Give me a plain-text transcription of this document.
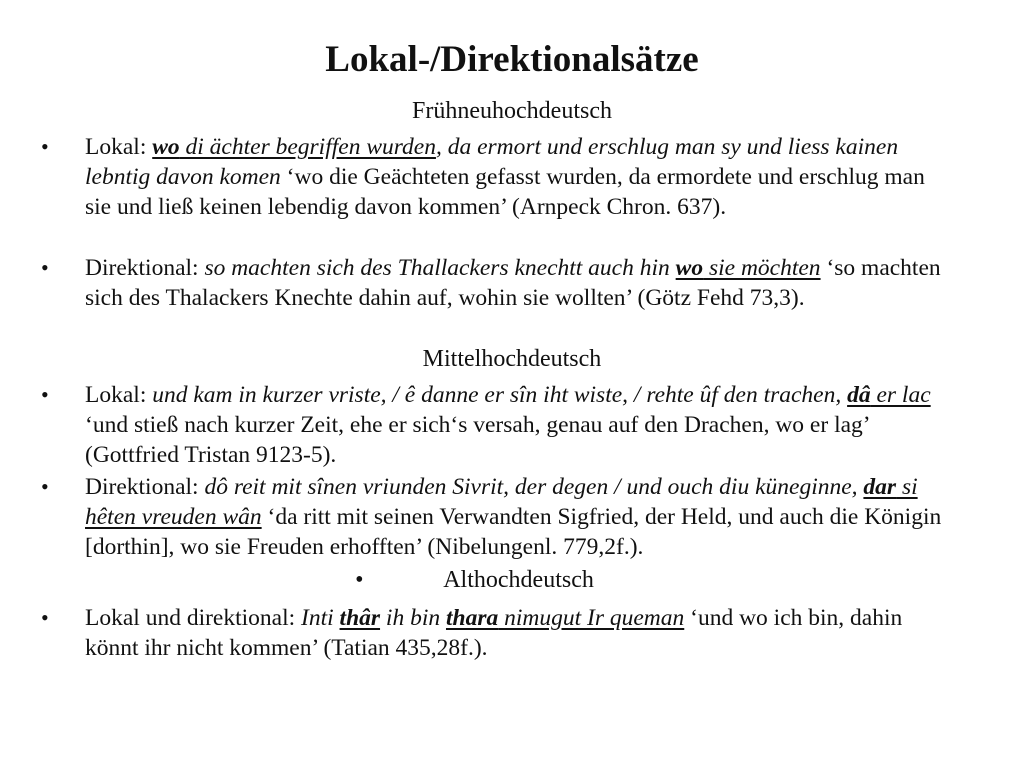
Lokal-/Direktionalsätze
Frühneuhochdeutsch
• Lokal: wo di ächter begriffen wurden, da ermort und erschlug man sy und liess kainen lebntig davon komen ‘wo die Geächteten gefasst wurden, da ermordete und erschlug man sie und ließ keinen lebendig davon kommen’ (Arnpeck Chron. 637).
• Direktional: so machten sich des Thallackers knechtt auch hin wo sie möchten ‘so machten sich des Thalackers Knechte dahin auf, wohin sie wollten’ (Götz Fehd 73,3).
Mittelhochdeutsch
• Lokal: und kam in kurzer vriste, / ê danne er sîn iht wiste, / rehte ûf den trachen, dâ er lac ‘und stieß nach kurzer Zeit, ehe er sich‘s versah, genau auf den Drachen, wo er lag’ (Gottfried Tristan 9123-5).
• Direktional: dô reit mit sînen vriunden Sivrit, der degen / und ouch diu küneginne, dar si hêten vreuden wân ‘da ritt mit seinen Verwandten Sigfried, der Held, und auch die Königin [dorthin], wo sie Freuden erhofften’ (Nibelungenl. 779,2f.).
•	Althochdeutsch
• Lokal und direktional: Inti thâr ih bin thara nimugut Ir queman ‘und wo ich bin, dahin könnt ihr nicht kommen’ (Tatian 435,28f.).
